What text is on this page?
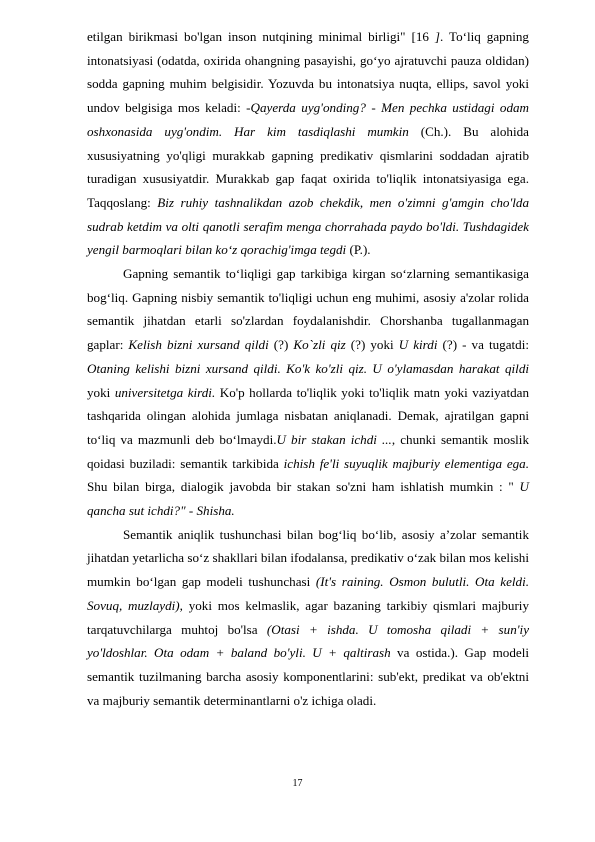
etilgan birikmasi bo'lgan inson nutqining minimal birligi" [16 ]. To‘liq gapning intonatsiyasi (odatda, oxirida ohangning pasayishi, go‘yo ajratuvchi pauza oldidan) sodda gapning muhim belgisidir. Yozuvda bu intonatsiya nuqta, ellips, savol yoki undov belgisiga mos keladi: -Qayerda uyg'onding? - Men pechka ustidagi odam oshxonasida uyg'ondim. Har kim tasdiqlashi mumkin (Ch.). Bu alohida xususiyatning yo'qligi murakkab gapning predikativ qismlarini soddadan ajratib turadigan xususiyatdir. Murakkab gap faqat oxirida to'liqlik intonatsiyasiga ega. Taqqoslang: Biz ruhiy tashnalikdan azob chekdik, men o'zimni g'amgin cho'lda sudrab ketdim va olti qanotli serafim menga chorrahada paydo bo'ldi. Tushdagidek yengil barmoqlari bilan ko‘z qorachig'imga tegdi (P.).

Gapning semantik to‘liqligi gap tarkibiga kirgan so‘zlarning semantikasiga bog‘liq. Gapning nisbiy semantik to'liqligi uchun eng muhimi, asosiy a'zolar rolida semantik jihatdan etarli so'zlardan foydalanishdir. Chorshanba tugallanmagan gaplar: Kelish bizni xursand qildi (?) Ko`zli qiz (?) yoki U kirdi (?) - va tugatdi: Otaning kelishi bizni xursand qildi. Ko'k ko'zli qiz. U o'ylamasdan harakat qildi yoki universitetga kirdi. Ko'p hollarda to'liqlik yoki to'liqlik matn yoki vaziyatdan tashqarida olingan alohida jumlaga nisbatan aniqlanadi. Demak, ajratilgan gapni to‘liq va mazmunli deb bo‘lmaydi.U bir stakan ichdi ..., chunki semantik moslik qoidasi buziladi: semantik tarkibida ichish fe'li suyuqlik majburiy elementiga ega. Shu bilan birga, dialogik javobda bir stakan so'zni ham ishlatish mumkin : " U qancha sut ichdi?" - Shisha.

Semantik aniqlik tushunchasi bilan bog‘liq bo‘lib, asosiy a’zolar semantik jihatdan yetarlicha so‘z shakllari bilan ifodalansa, predikativ o‘zak bilan mos kelishi mumkin bo‘lgan gap modeli tushunchasi (It's raining. Osmon bulutli. Ota keldi. Sovuq, muzlaydi), yoki mos kelmaslik, agar bazaning tarkibiy qismlari majburiy tarqatuvchilarga muhtoj bo'lsa (Otasi + ishda. U tomosha qiladi + sun'iy yo'ldoshlar. Ota odam + baland bo'yli. U + qaltirash va ostida.). Gap modeli semantik tuzilmaning barcha asosiy komponentlarini: sub'ekt, predikat va ob'ektni va majburiy semantik determinantlarni o'z ichiga oladi.

17
